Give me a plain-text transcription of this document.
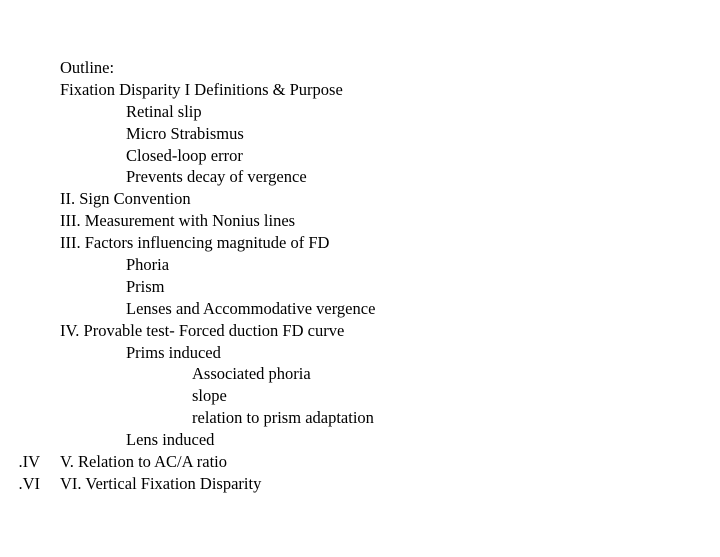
Outline:
Fixation Disparity I Definitions & Purpose
Retinal slip
Micro Strabismus
Closed-loop error
Prevents decay of vergence
II. Sign Convention
III. Measurement with Nonius lines
III. Factors influencing magnitude of FD
Phoria
Prism
Lenses and Accommodative vergence
IV. Provable test- Forced duction FD curve
Prims induced
Associated phoria
slope
relation to prism adaptation
Lens induced
IV. V. Relation to AC/A ratio
VI. VI. Vertical Fixation Disparity
